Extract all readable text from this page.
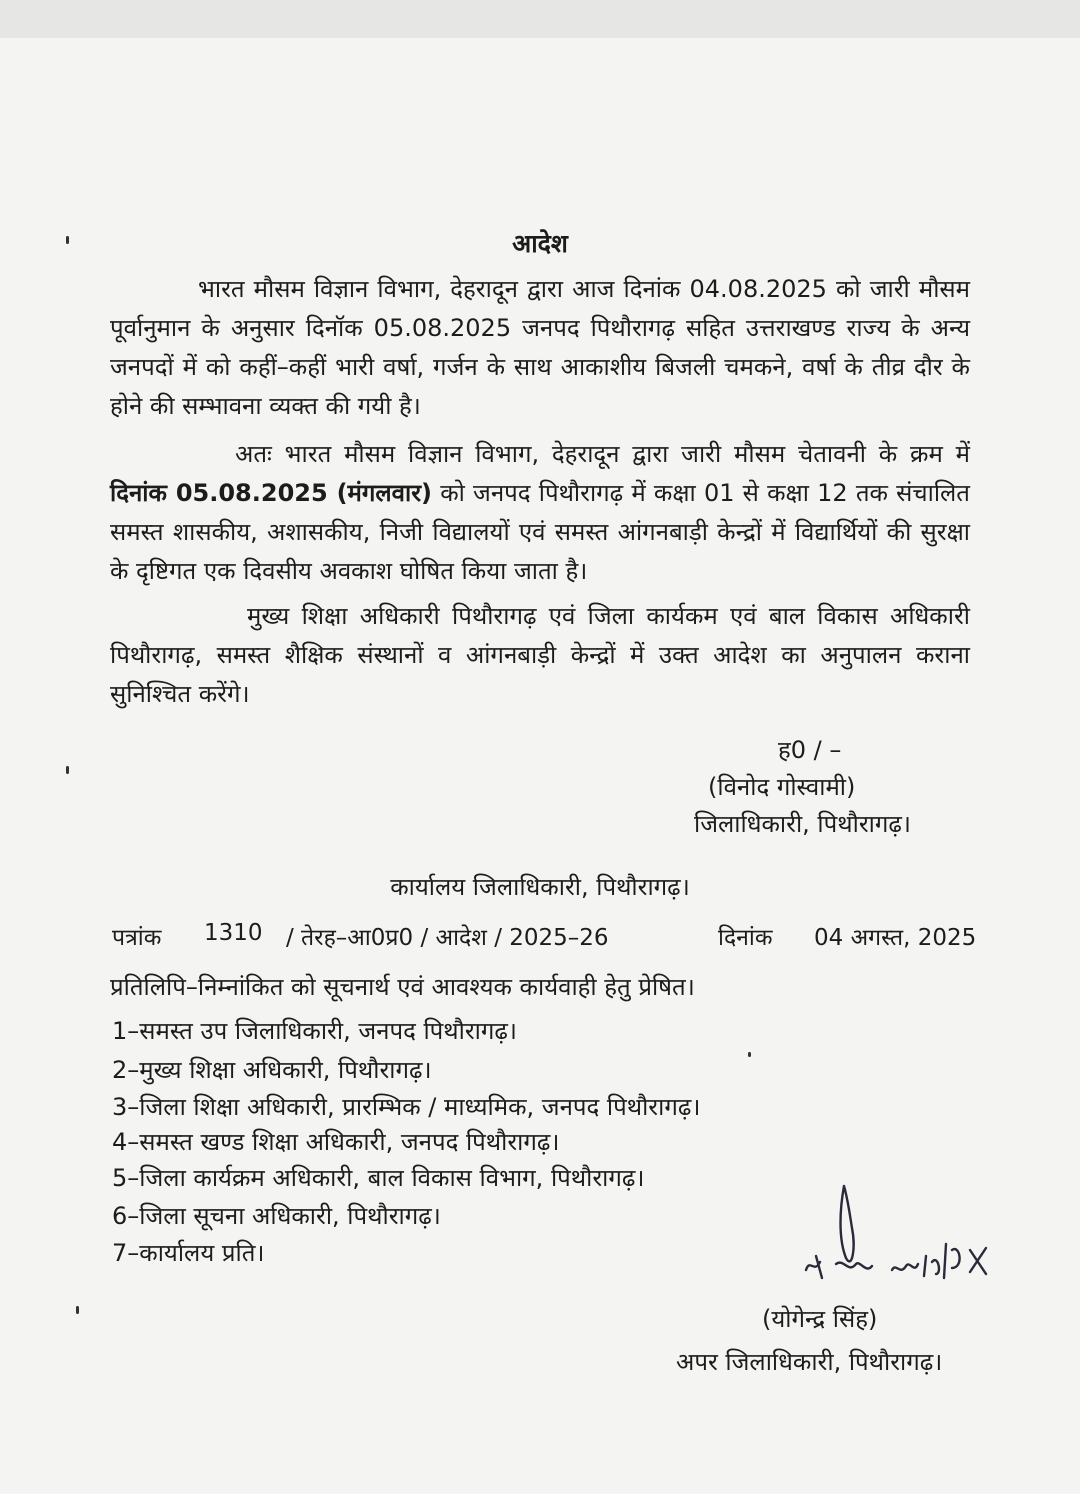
आदेश
भारत मौसम विज्ञान विभाग, देहरादून द्वारा आज दिनांक 04.08.2025 को जारी मौसम पूर्वानुमान के अनुसार दिनॉक 05.08.2025 जनपद पिथौरागढ़ सहित उत्तराखण्ड राज्य के अन्य जनपदों में को कहीं–कहीं भारी वर्षा, गर्जन के साथ आकाशीय बिजली चमकने, वर्षा के तीव्र दौर के होने की सम्भावना व्यक्त की गयी है।
अतः भारत मौसम विज्ञान विभाग, देहरादून द्वारा जारी मौसम चेतावनी के क्रम में दिनांक 05.08.2025 (मंगलवार) को जनपद पिथौरागढ़ में कक्षा 01 से कक्षा 12 तक संचालित समस्त शासकीय, अशासकीय, निजी विद्यालयों एवं समस्त आंगनबाड़ी केन्द्रों में विद्यार्थियों की सुरक्षा के दृष्टिगत एक दिवसीय अवकाश घोषित किया जाता है।
मुख्य शिक्षा अधिकारी पिथौरागढ़ एवं जिला कार्यकम एवं बाल विकास अधिकारी पिथौरागढ़, समस्त शैक्षिक संस्थानों व आंगनबाड़ी केन्द्रों में उक्त आदेश का अनुपालन कराना सुनिश्चित करेंगे।
ह0 / –
(विनोद गोस्वामी)
जिलाधिकारी, पिथौरागढ़।
कार्यालय जिलाधिकारी, पिथौरागढ़।
पत्रांक 1310 / तेरह–आ0प्र0 / आदेश / 2025–26	दिनांक 04 अगस्त, 2025
प्रतिलिपि–निम्नांकित को सूचनार्थ एवं आवश्यक कार्यवाही हेतु प्रेषित।
1–समस्त उप जिलाधिकारी, जनपद पिथौरागढ़।
2–मुख्य शिक्षा अधिकारी, पिथौरागढ़।
3–जिला शिक्षा अधिकारी, प्रारम्भिक / माध्यमिक, जनपद पिथौरागढ़।
4–समस्त खण्ड शिक्षा अधिकारी, जनपद पिथौरागढ़।
5–जिला कार्यक्रम अधिकारी, बाल विकास विभाग, पिथौरागढ़।
6–जिला सूचना अधिकारी, पिथौरागढ़।
7–कार्यालय प्रति।
(योगेन्द्र सिंह)
अपर जिलाधिकारी, पिथौरागढ़।
